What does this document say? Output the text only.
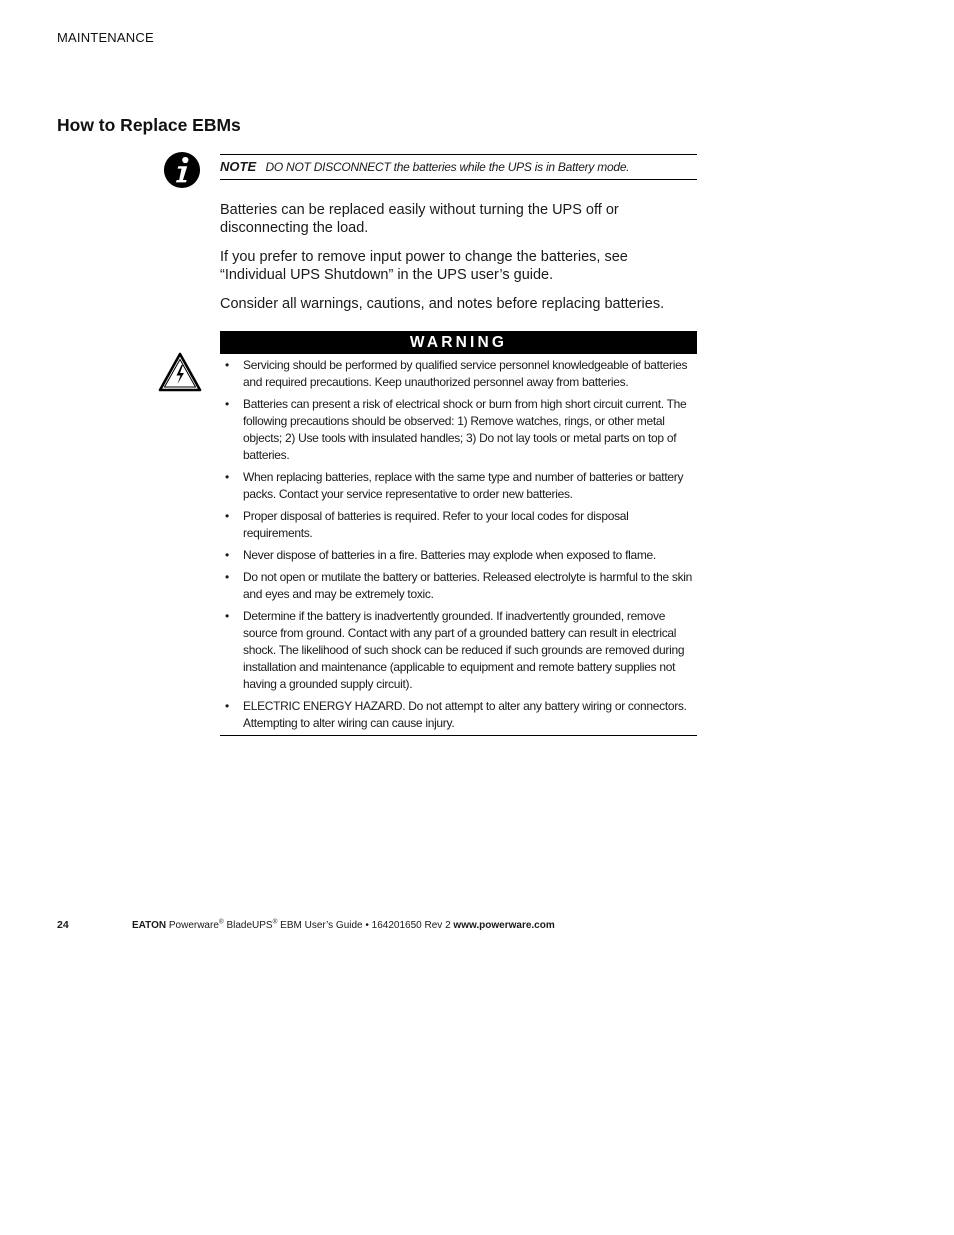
MAINTENANCE
How to Replace EBMs
NOTE DO NOT DISCONNECT the batteries while the UPS is in Battery mode.

Batteries can be replaced easily without turning the UPS off or disconnecting the load.

If you prefer to remove input power to change the batteries, see “Individual UPS Shutdown” in the UPS user’s guide.

Consider all warnings, cautions, and notes before replacing batteries.

WARNING
• Servicing should be performed by qualified service personnel knowledgeable of batteries and required precautions. Keep unauthorized personnel away from batteries.
• Batteries can present a risk of electrical shock or burn from high short circuit current. The following precautions should be observed: 1) Remove watches, rings, or other metal objects; 2) Use tools with insulated handles; 3) Do not lay tools or metal parts on top of batteries.
• When replacing batteries, replace with the same type and number of batteries or battery packs. Contact your service representative to order new batteries.
• Proper disposal of batteries is required. Refer to your local codes for disposal requirements.
• Never dispose of batteries in a fire. Batteries may explode when exposed to flame.
• Do not open or mutilate the battery or batteries. Released electrolyte is harmful to the skin and eyes and may be extremely toxic.
• Determine if the battery is inadvertently grounded. If inadvertently grounded, remove source from ground. Contact with any part of a grounded battery can result in electrical shock. The likelihood of such shock can be reduced if such grounds are removed during installation and maintenance (applicable to equipment and remote battery supplies not having a grounded supply circuit).
• ELECTRIC ENERGY HAZARD. Do not attempt to alter any battery wiring or connectors. Attempting to alter wiring can cause injury.
24	EATON Powerware® BladeUPS® EBM User’s Guide • 164201650 Rev 2 www.powerware.com
